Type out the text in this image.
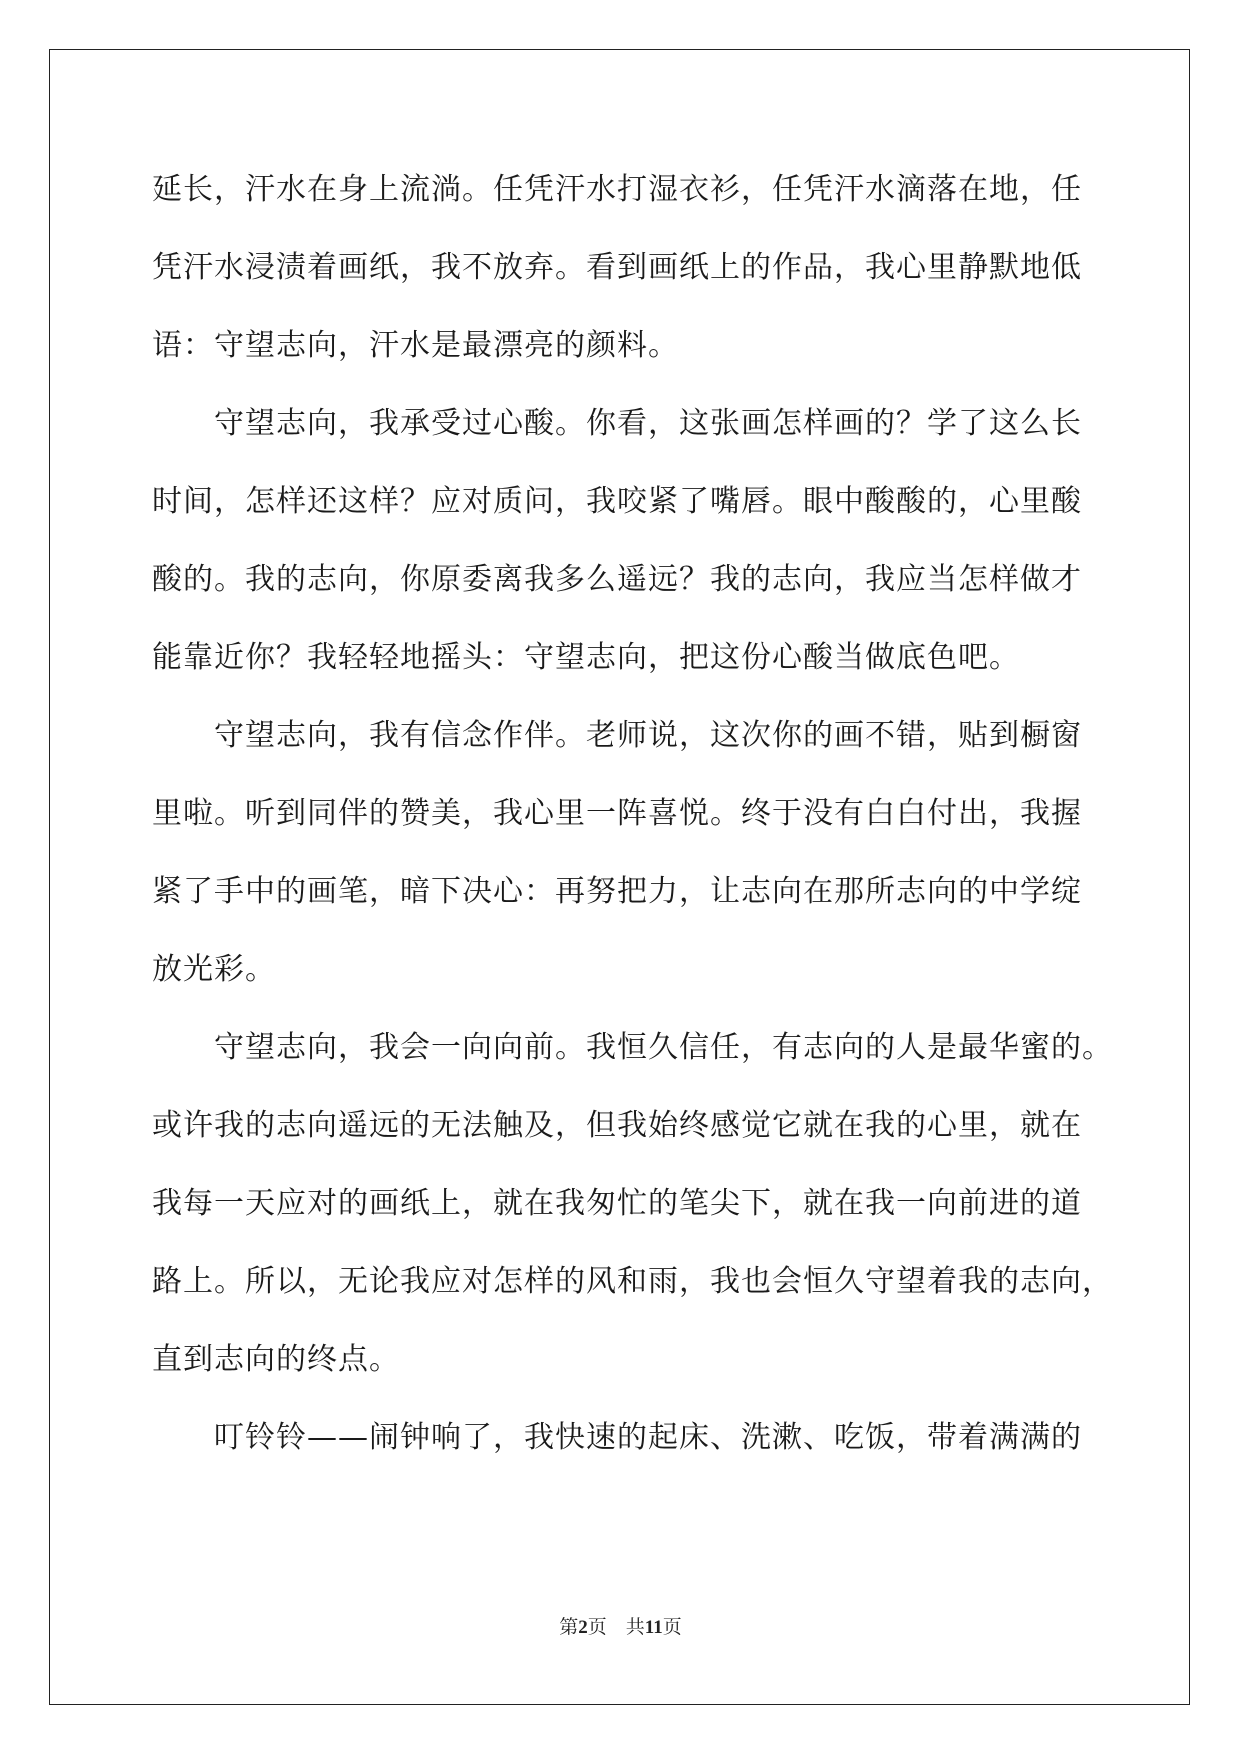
延长，汗水在身上流淌。任凭汗水打湿衣衫，任凭汗水滴落在地，任
凭汗水浸渍着画纸，我不放弃。看到画纸上的作品，我心里静默地低
语：守望志向，汗水是最漂亮的颜料。
守望志向，我承受过心酸。你看，这张画怎样画的？学了这么长
时间，怎样还这样？应对质问，我咬紧了嘴唇。眼中酸酸的，心里酸
酸的。我的志向，你原委离我多么遥远？我的志向，我应当怎样做才
能靠近你？我轻轻地摇头：守望志向，把这份心酸当做底色吧。
守望志向，我有信念作伴。老师说，这次你的画不错，贴到橱窗
里啦。听到同伴的赞美，我心里一阵喜悦。终于没有白白付出，我握
紧了手中的画笔，暗下决心：再努把力，让志向在那所志向的中学绽
放光彩。
守望志向，我会一向向前。我恒久信任，有志向的人是最华蜜的。
或许我的志向遥远的无法触及，但我始终感觉它就在我的心里，就在
我每一天应对的画纸上，就在我匆忙的笔尖下，就在我一向前进的道
路上。所以，无论我应对怎样的风和雨，我也会恒久守望着我的志向，
直到志向的终点。
叮铃铃——闹钟响了，我快速的起床、洗漱、吃饭，带着满满的
第2页 共11页
